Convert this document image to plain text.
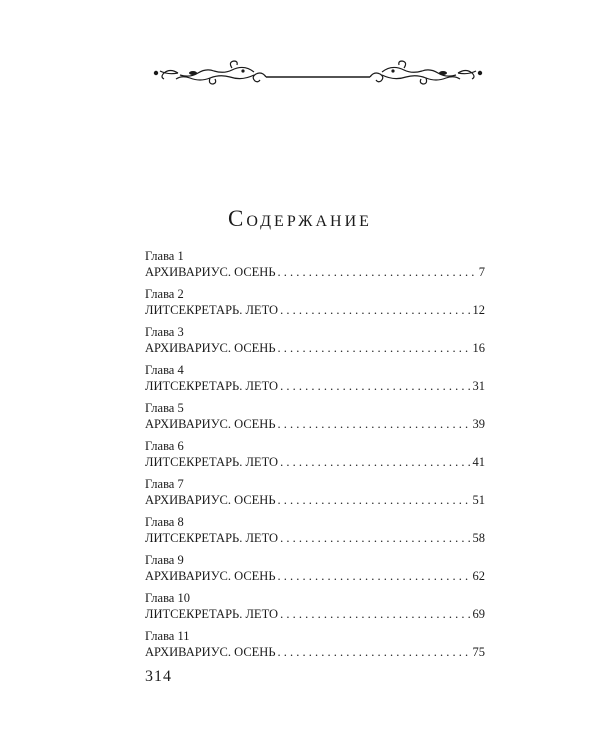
Содержание
Глава 1
АРХИВАРИУС. ОСЕНЬ . . .	7
Глава 2
ЛИТСЕКРЕТАРЬ. ЛЕТО . . .	12
Глава 3
АРХИВАРИУС. ОСЕНЬ . . .	16
Глава 4
ЛИТСЕКРЕТАРЬ. ЛЕТО . . .	31
Глава 5
АРХИВАРИУС. ОСЕНЬ . . .	39
Глава 6
ЛИТСЕКРЕТАРЬ. ЛЕТО . . .	41
Глава 7
АРХИВАРИУС. ОСЕНЬ . . .	51
Глава 8
ЛИТСЕКРЕТАРЬ. ЛЕТО . . .	58
Глава 9
АРХИВАРИУС. ОСЕНЬ . . .	62
Глава 10
ЛИТСЕКРЕТАРЬ. ЛЕТО . . .	69
Глава 11
АРХИВАРИУС. ОСЕНЬ . . .	75
314
